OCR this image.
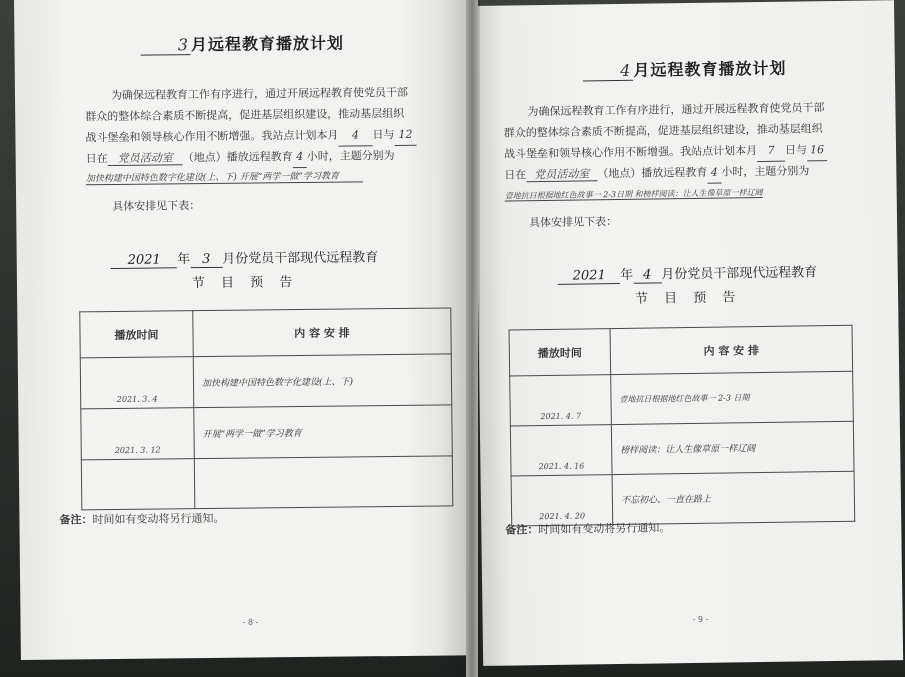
3 月远程教育播放计划
为确保远程教育工作有序进行，通过开展远程教育使党员干部
群众的整体综合素质不断提高，促进基层组织建设，推动基层组织
战斗堡垒和领导核心作用不断增强。我站点计划本月 4 日与 12
日在 党员活动室 （地点）播放远程教育 4 小时，主题分别为
加快构建中国特色数字化建设(上、下) 开展“两学一做”学习教育
具体安排见下表：
2021 年 3 月份党员干部现代远程教育
节 目 预 告
播放时间	内 容 安 排
2021. 3. 4	加快构建中国特色数字化建设(上、下)
2021. 3. 12	开展“两学一做”学习教育

备注：时间如有变动将另行通知。
- 8 -
4 月远程教育播放计划
为确保远程教育工作有序进行，通过开展远程教育使党员干部
群众的整体综合素质不断提高，促进基层组织建设，推动基层组织
战斗堡垒和领导核心作用不断增强。我站点计划本月 7 日与 16
日在 党员活动室 （地点）播放远程教育 4 小时，主题分别为
壹地抗日根据地红色故事一 2-3日期 和榜样阅读：让人生像草原一样辽阔
具体安排见下表：
2021 年 4 月份党员干部现代远程教育
节 目 预 告
播放时间	内 容 安 排
2021. 4. 7	壹地抗日根据地红色故事一 2-3 日期
2021. 4. 16	榜样阅读：让人生像草原一样辽阔
2021. 4. 20	不忘初心、一直在路上
备注：时间如有变动将另行通知。
- 9 -
